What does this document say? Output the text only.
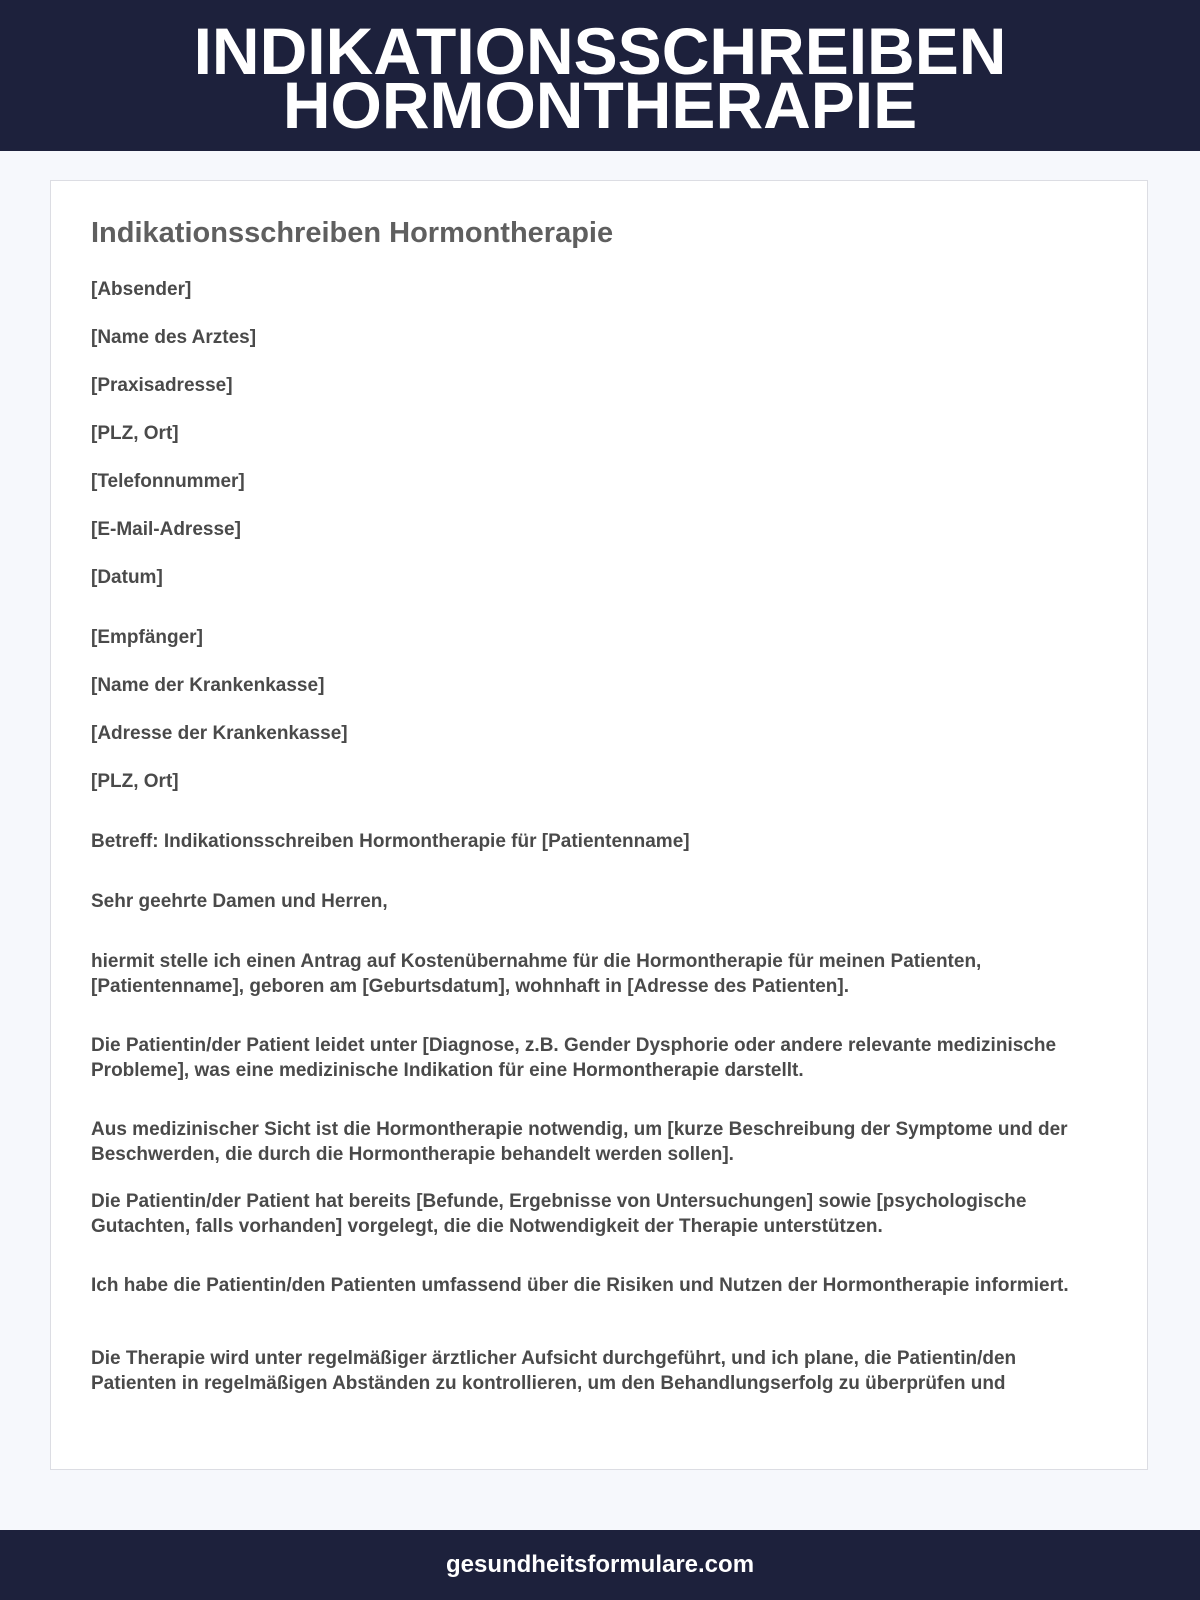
INDIKATIONSSCHREIBEN
HORMONTHERAPIE
Indikationsschreiben Hormontherapie

[Absender]

[Name des Arztes]

[Praxisadresse]

[PLZ, Ort]

[Telefonnummer]

[E-Mail-Adresse]

[Datum]

[Empfänger]

[Name der Krankenkasse]

[Adresse der Krankenkasse]

[PLZ, Ort]

Betreff: Indikationsschreiben Hormontherapie für [Patientenname]

Sehr geehrte Damen und Herren,

hiermit stelle ich einen Antrag auf Kostenübernahme für die Hormontherapie für meinen Patienten, [Patientenname], geboren am [Geburtsdatum], wohnhaft in [Adresse des Patienten].

Die Patientin/der Patient leidet unter [Diagnose, z.B. Gender Dysphorie oder andere relevante medizinische Probleme], was eine medizinische Indikation für eine Hormontherapie darstellt.

Aus medizinischer Sicht ist die Hormontherapie notwendig, um [kurze Beschreibung der Symptome und der Beschwerden, die durch die Hormontherapie behandelt werden sollen].

Die Patientin/der Patient hat bereits [Befunde, Ergebnisse von Untersuchungen] sowie [psychologische Gutachten, falls vorhanden] vorgelegt, die die Notwendigkeit der Therapie unterstützen.

Ich habe die Patientin/den Patienten umfassend über die Risiken und Nutzen der Hormontherapie informiert.

Die Therapie wird unter regelmäßiger ärztlicher Aufsicht durchgeführt, und ich plane, die Patientin/den Patienten in regelmäßigen Abständen zu kontrollieren, um den Behandlungserfolg zu überprüfen und

gesundheitsformulare.com
